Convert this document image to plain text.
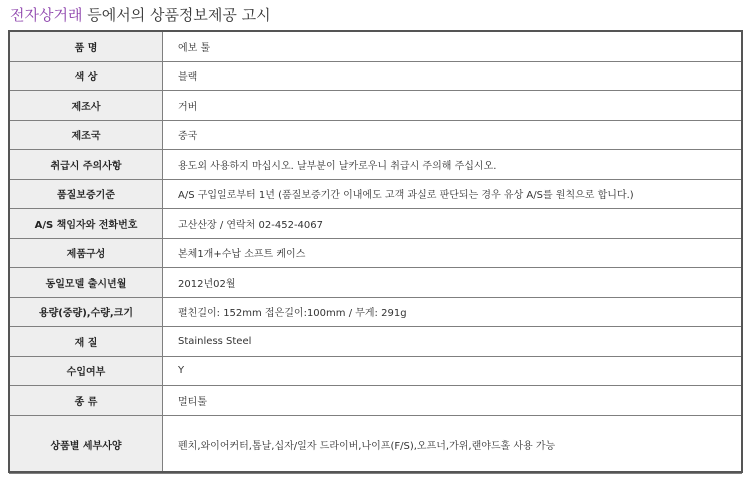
전자상거래 등에서의 상품정보제공 고시
품 명	에보 툴
색 상	블랙
제조사	거버
제조국	중국
취급시 주의사항	용도외 사용하지 마십시오. 날부분이 날카로우니 취급시 주의해 주십시오.
품질보증기준	A/S 구입일로부터 1년 (품질보증기간 이내에도 고객 과실로 판단되는 경우 유상 A/S를 원칙으로 합니다.)
A/S 책임자와 전화번호	고산산장 / 연락처 02-452-4067
제품구성	본체1개+수납 소프트 케이스
동일모델 출시년월	2012년02월
용량(중량),수량,크기	펼친길이: 152mm 접은길이:100mm / 무게: 291g
재 질	Stainless Steel
수입여부	Y
종 류	멀티툴
상품별 세부사양	펜치,와이어커터,톱날,십자/일자 드라이버,나이프(F/S),오프너,가위,랜야드홀 사용 가능
